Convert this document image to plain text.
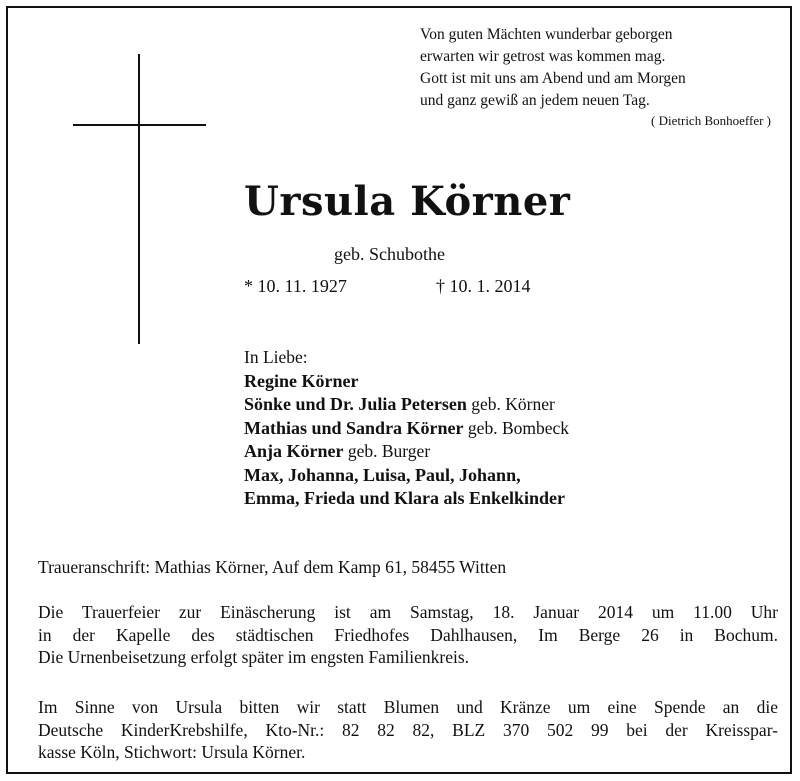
Von guten Mächten wunderbar geborgen
erwarten wir getrost was kommen mag.
Gott ist mit uns am Abend und am Morgen
und ganz gewiß an jedem neuen Tag.
( Dietrich Bonhoeffer )
Ursula Körner
geb. Schubothe
* 10. 11. 1927	† 10. 1. 2014
In Liebe:
Regine Körner
Sönke und Dr. Julia Petersen geb. Körner
Mathias und Sandra Körner geb. Bombeck
Anja Körner geb. Burger
Max, Johanna, Luisa, Paul, Johann,
Emma, Frieda und Klara als Enkelkinder
Traueranschrift: Mathias Körner, Auf dem Kamp 61, 58455 Witten
Die Trauerfeier zur Einäscherung ist am Samstag, 18. Januar 2014 um 11.00 Uhr
in der Kapelle des städtischen Friedhofes Dahlhausen, Im Berge 26 in Bochum.
Die Urnenbeisetzung erfolgt später im engsten Familienkreis.
Im Sinne von Ursula bitten wir statt Blumen und Kränze um eine Spende an die
Deutsche KinderKrebshilfe, Kto-Nr.: 82 82 82, BLZ 370 502 99 bei der Kreisspar-
kasse Köln, Stichwort: Ursula Körner.
